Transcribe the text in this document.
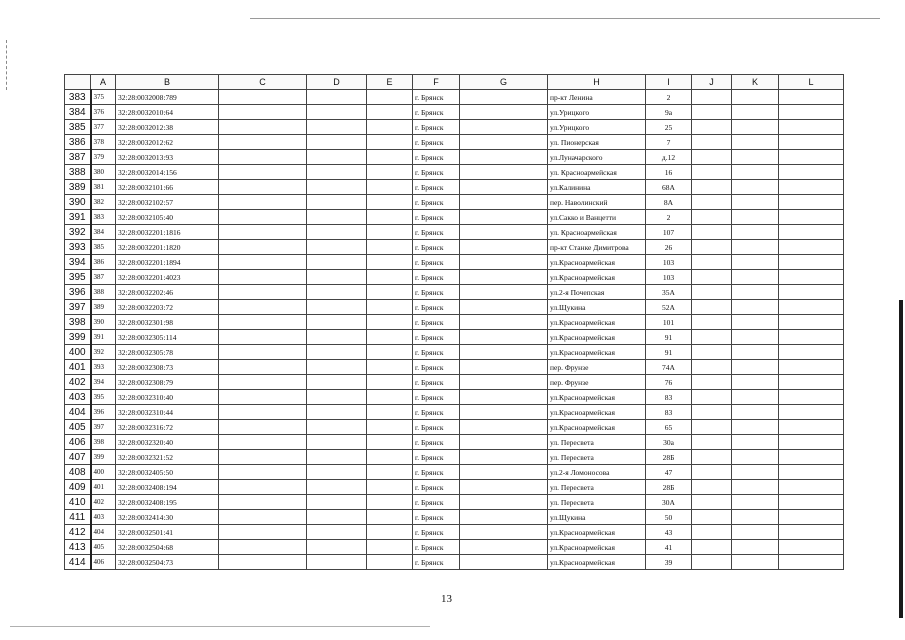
	A	B	C	D	E	F	G	H	I	J	K	L
383	375	32:28:0032008:789				г. Брянск		пр-кт Ленина	2			
384	376	32:28:0032010:64				г. Брянск		ул.Урицкого	9а			
385	377	32:28:0032012:38				г. Брянск		ул.Урицкого	25			
386	378	32:28:0032012:62				г. Брянск		ул. Пионерская	7			
387	379	32:28:0032013:93				г. Брянск		ул.Луначарского	д.12			
388	380	32:28:0032014:156				г. Брянск		ул. Красноармейская	16			
389	381	32:28:0032101:66				г. Брянск		ул.Калинина	68А			
390	382	32:28:0032102:57				г. Брянск		пер. Наволинский	8А			
391	383	32:28:0032105:40				г. Брянск		ул.Сакко и Ванцетти	2			
392	384	32:28:0032201:1816				г. Брянск		ул. Красноармейская	107			
393	385	32:28:0032201:1820				г. Брянск		пр-кт Станке Димитрова	26			
394	386	32:28:0032201:1894				г. Брянск		ул.Красноармейская	103			
395	387	32:28:0032201:4023				г. Брянск		ул.Красноармейская	103			
396	388	32:28:0032202:46				г. Брянск		ул.2-я Почепская	35А			
397	389	32:28:0032203:72				г. Брянск		ул.Щукина	52А			
398	390	32:28:0032301:98				г. Брянск		ул.Красноармейская	101			
399	391	32:28:0032305:114				г. Брянск		ул.Красноармейская	91			
400	392	32:28:0032305:78				г. Брянск		ул.Красноармейская	91			
401	393	32:28:0032308:73				г. Брянск		пер. Фрунзе	74А			
402	394	32:28:0032308:79				г. Брянск		пер. Фрунзе	76			
403	395	32:28:0032310:40				г. Брянск		ул.Красноармейская	83			
404	396	32:28:0032310:44				г. Брянск		ул.Красноармейская	83			
405	397	32:28:0032316:72				г. Брянск		ул.Красноармейская	65			
406	398	32:28:0032320:40				г. Брянск		ул. Пересвета	30а			
407	399	32:28:0032321:52				г. Брянск		ул. Пересвета	28Б			
408	400	32:28:0032405:50				г. Брянск		ул.2-я Ломоносова	47			
409	401	32:28:0032408:194				г. Брянск		ул. Пересвета	28Б			
410	402	32:28:0032408:195				г. Брянск		ул. Пересвета	30А			
411	403	32:28:0032414:30				г. Брянск		ул.Щукина	50			
412	404	32:28:0032501:41				г. Брянск		ул.Красноармейская	43			
413	405	32:28:0032504:68				г. Брянск		ул.Красноармейская	41			
414	406	32:28:0032504:73				г. Брянск		ул.Красноармейская	39			
13
